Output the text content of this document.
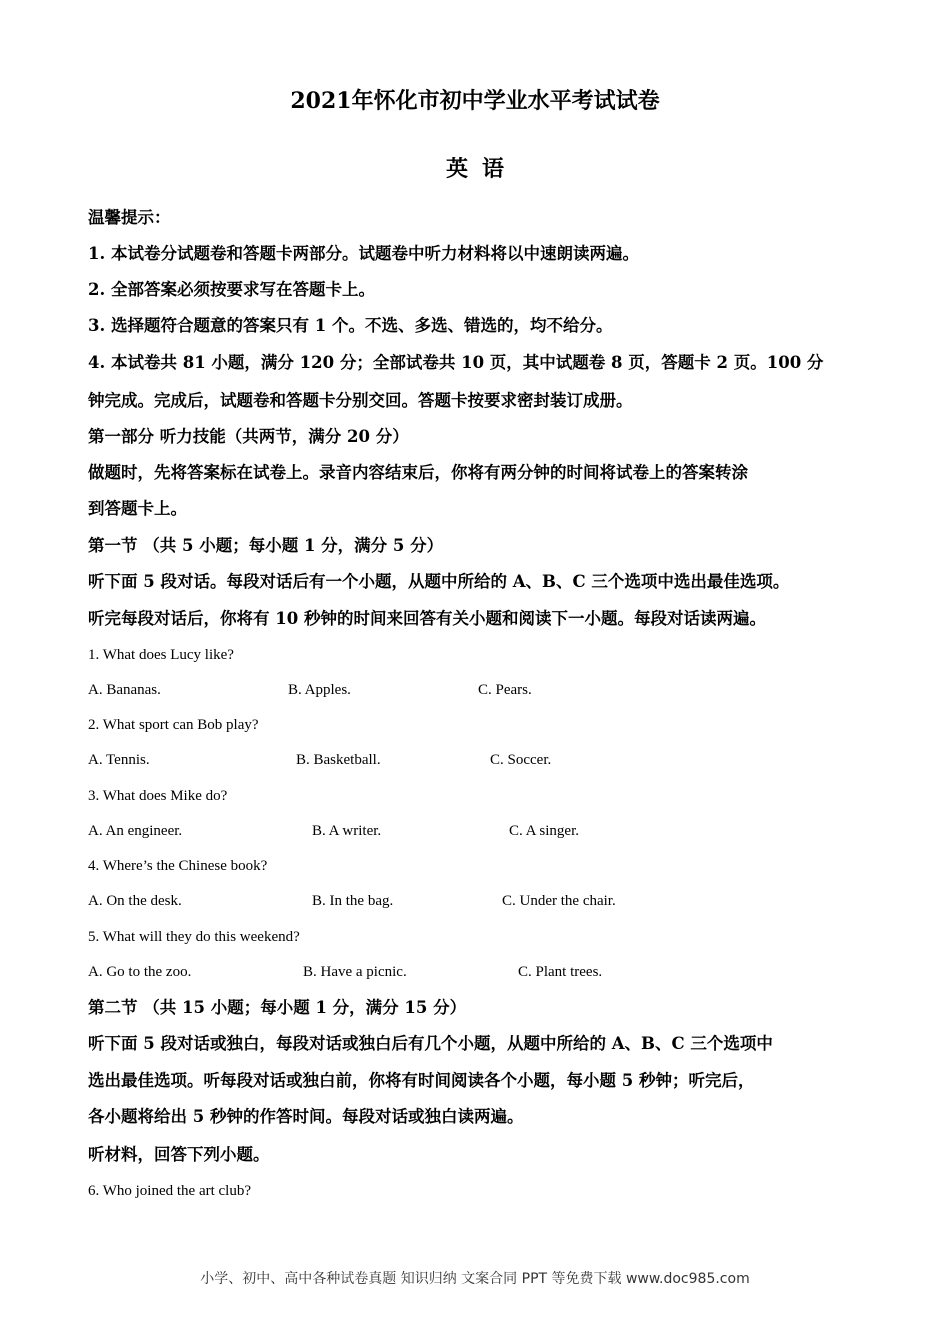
2021年怀化市初中学业水平考试试卷
英语
温馨提示：
1. 本试卷分试题卷和答题卡两部分。试题卷中听力材料将以中速朗读两遍。
2. 全部答案必须按要求写在答题卡上。
3. 选择题符合题意的答案只有 1 个。不选、多选、错选的，均不给分。
4. 本试卷共 81 小题，满分 120 分；全部试卷共 10 页，其中试题卷 8 页，答题卡 2 页。100 分
钟完成。完成后，试题卷和答题卡分别交回。答题卡按要求密封装订成册。
第一部分 听力技能（共两节，满分 20 分）
做题时，先将答案标在试卷上。录音内容结束后，你将有两分钟的时间将试卷上的答案转涂
到答题卡上。
第一节 （共 5 小题；每小题 1 分，满分 5 分）
听下面 5 段对话。每段对话后有一个小题，从题中所给的 A、B、C 三个选项中选出最佳选项。
听完每段对话后，你将有 10 秒钟的时间来回答有关小题和阅读下一小题。每段对话读两遍。
1. What does Lucy like?
A. Bananas.	B. Apples.	C. Pears.
2. What sport can Bob play?
A. Tennis.	B. Basketball.	C. Soccer.
3. What does Mike do?
A. An engineer.	B. A writer.	C. A singer.
4. Where’s the Chinese book?
A. On the desk.	B. In the bag.	C. Under the chair.
5. What will they do this weekend?
A. Go to the zoo.	B. Have a picnic.	C. Plant trees.
第二节 （共 15 小题；每小题 1 分，满分 15 分）
听下面 5 段对话或独白，每段对话或独白后有几个小题，从题中所给的 A、B、C 三个选项中
选出最佳选项。听每段对话或独白前，你将有时间阅读各个小题，每小题 5 秒钟；听完后，
各小题将给出 5 秒钟的作答时间。每段对话或独白读两遍。
听材料，回答下列小题。
6. Who joined the art club?
小学、初中、高中各种试卷真题 知识归纳 文案合同 PPT 等免费下载 www.doc985.com
